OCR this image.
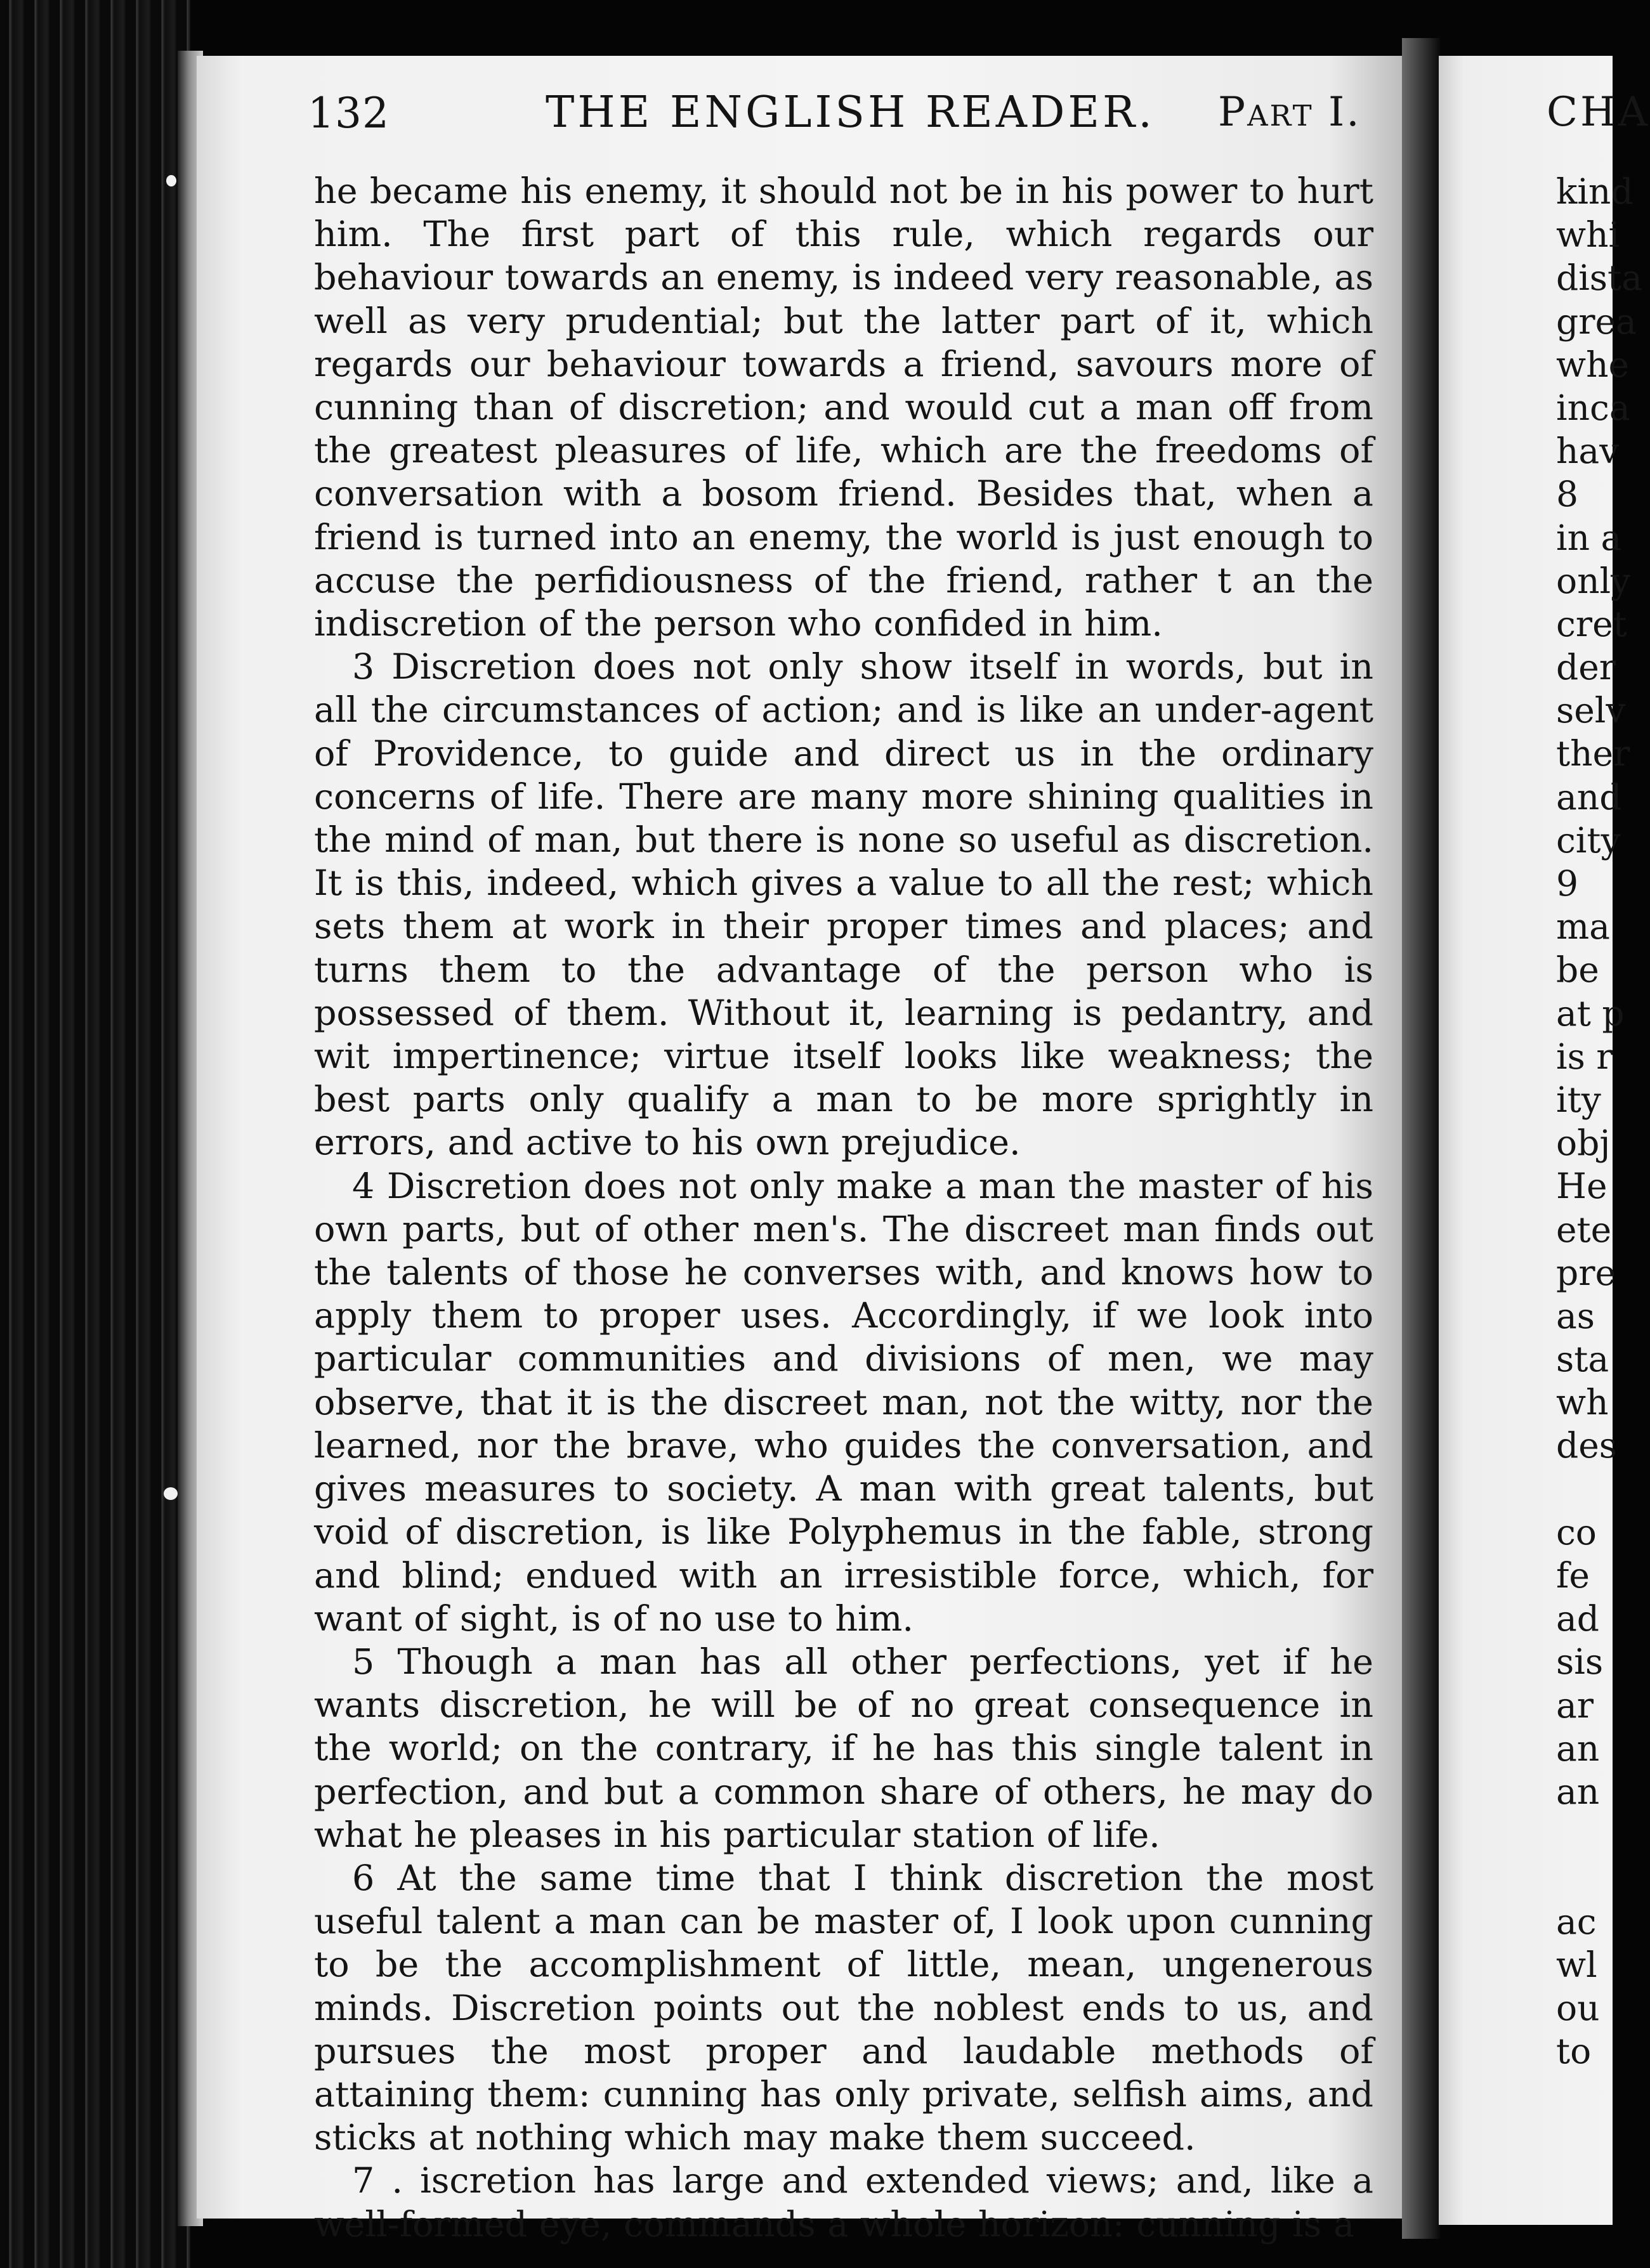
132	THE ENGLISH READER. Part I.

he became his enemy, it should not be in his power to hurt him. The first part of this rule, which regards our behaviour towards an enemy, is indeed very reasonable, as well as very prudential; but the latter part of it, which regards our behaviour towards a friend, savours more of cunning than of discretion; and would cut a man off from the greatest pleasures of life, which are the freedoms of conversation with a bosom friend. Besides that, when a friend is turned into an enemy, the world is just enough to accuse the perfidiousness of the friend, rather t an the indiscretion of the person who confided in him.

3 Discretion does not only show itself in words, but in all the circumstances of action; and is like an under-agent of Providence, to guide and direct us in the ordinary concerns of life. There are many more shining qualities in the mind of man, but there is none so useful as discretion. It is this, indeed, which gives a value to all the rest; which sets them at work in their proper times and places; and turns them to the advantage of the person who is possessed of them. Without it, learning is pedantry, and wit impertinence; virtue itself looks like weakness; the best parts only qualify a man to be more sprightly in errors, and active to his own prejudice.

4 Discretion does not only make a man the master of his own parts, but of other men's. The discreet man finds out the talents of those he converses with, and knows how to apply them to proper uses. Accordingly, if we look into particular communities and divisions of men, we may observe, that it is the discreet man, not the witty, nor the learned, nor the brave, who guides the conversation, and gives measures to society. A man with great talents, but void of discretion, is like Polyphemus in the fable, strong and blind; endued with an irresistible force, which, for want of sight, is of no use to him.

5 Though a man has all other perfections, yet if he wants discretion, he will be of no great consequence in the world; on the contrary, if he has this single talent in perfection, and but a common share of others, he may do what he pleases in his particular station of life.

6 At the same time that I think discretion the most useful talent a man can be master of, I look upon cunning to be the accomplishment of little, mean, ungenerous minds. Discretion points out the noblest ends to us, and pursues the most proper and laudable methods of attaining them: cunning has only private, selfish aims, and sticks at nothing which may make them succeed.

7 . iscretion has large and extended views; and, like a well-formed eye, commands a whole horizon: cunning is a

CHA
kind
whi
dista
grea
whe
inca
hav
8
in a
only
cret
der
selv
ther
and
city
9
ma
be
at p
is r
ity
obj
He
ete
pre
as
sta
wh
des
co
fe
ad
sis
ar
an
an
ac
wl
ou
to
